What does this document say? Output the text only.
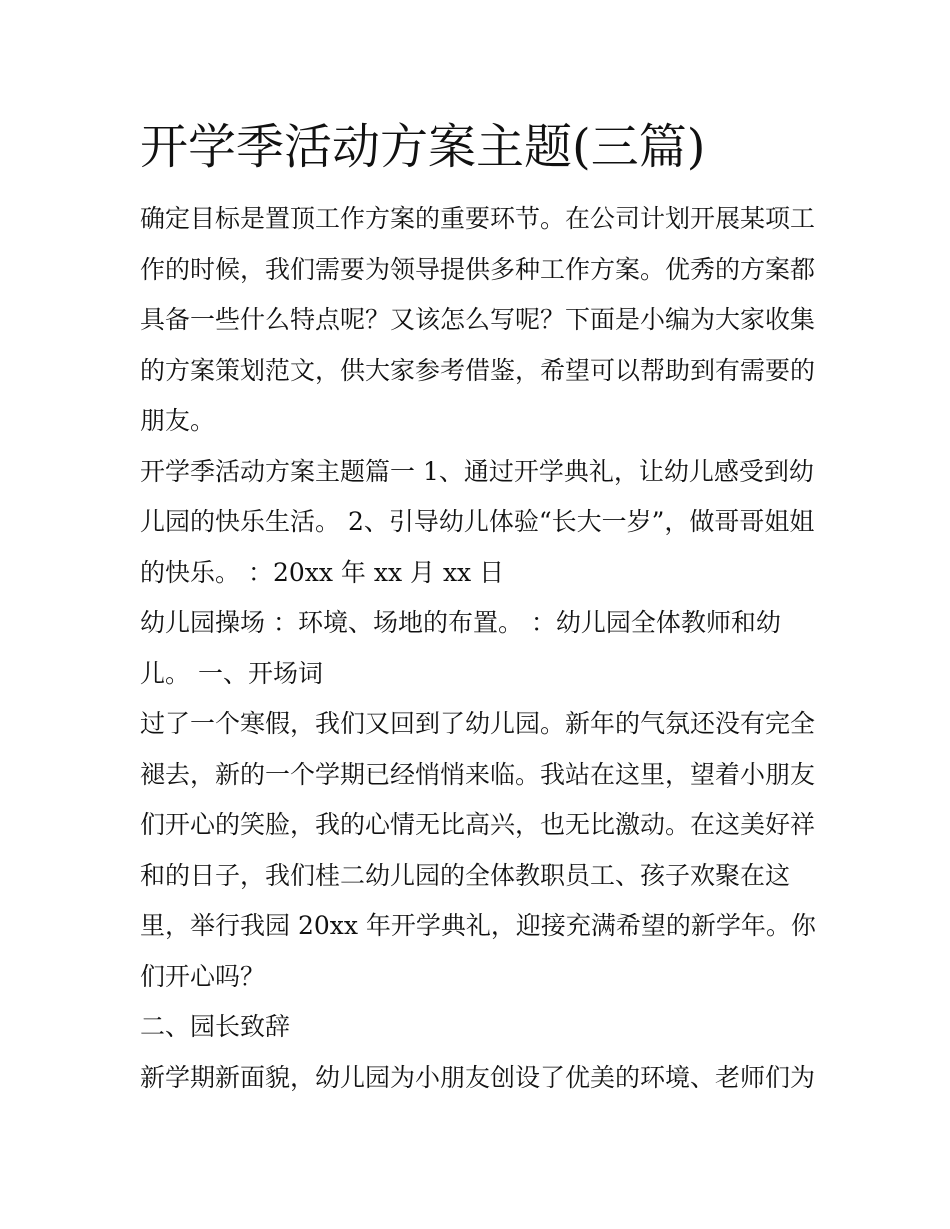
开学季活动方案主题(三篇)

确定目标是置顶工作方案的重要环节。在公司计划开展某项工
作的时候，我们需要为领导提供多种工作方案。优秀的方案都
具备一些什么特点呢？又该怎么写呢？下面是小编为大家收集
的方案策划范文，供大家参考借鉴，希望可以帮助到有需要的
朋友。

开学季活动方案主题篇一 1、通过开学典礼，让幼儿感受到幼
儿园的快乐生活。 2、引导幼儿体验“长大一岁”，做哥哥姐姐
的快乐。 ：20xx 年 xx 月 xx 日

幼儿园操场 ：环境、场地的布置。 ：幼儿园全体教师和幼
儿。 一、开场词

过了一个寒假，我们又回到了幼儿园。新年的气氛还没有完全
褪去，新的一个学期已经悄悄来临。我站在这里，望着小朋友
们开心的笑脸，我的心情无比高兴，也无比激动。在这美好祥
和的日子，我们桂二幼儿园的全体教职员工、孩子欢聚在这
里，举行我园 20xx 年开学典礼，迎接充满希望的新学年。你
们开心吗？

二、园长致辞

新学期新面貌，幼儿园为小朋友创设了优美的环境、老师们为
